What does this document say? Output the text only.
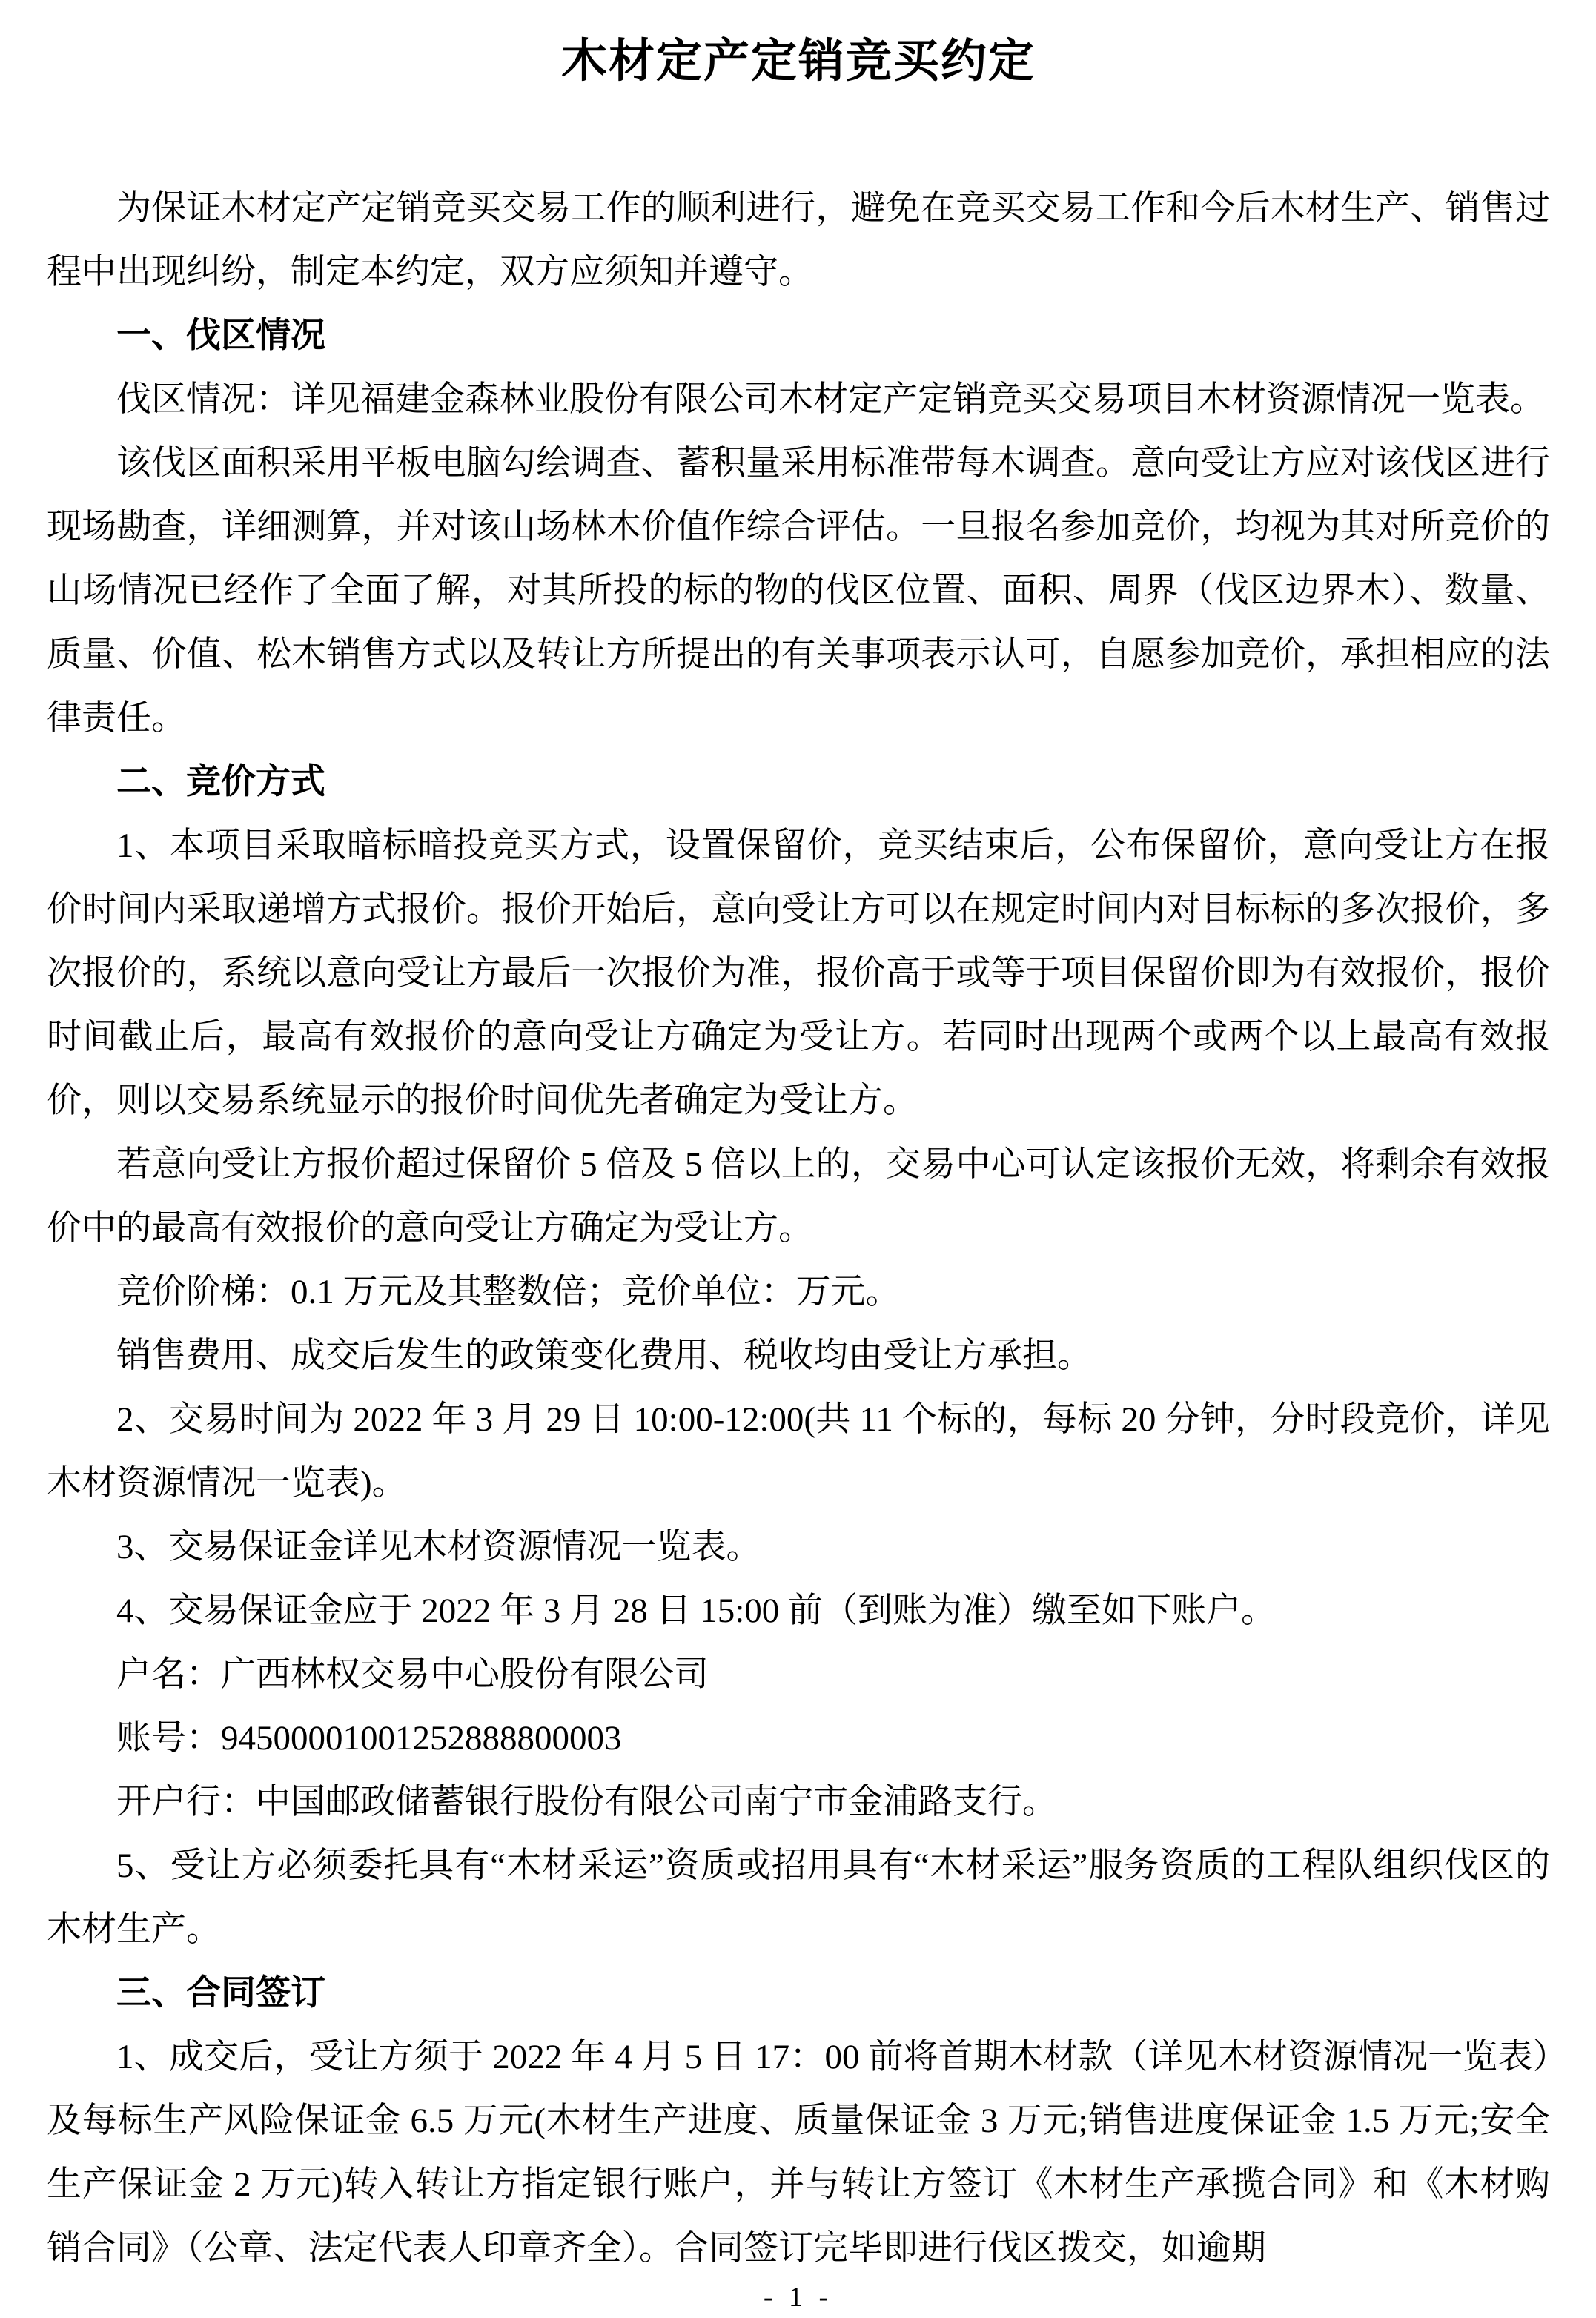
木材定产定销竞买约定

为保证木材定产定销竞买交易工作的顺利进行，避免在竞买交易工作和今后木材生产、销售过程中出现纠纷，制定本约定，双方应须知并遵守。

一、伐区情况

伐区情况：详见福建金森林业股份有限公司木材定产定销竞买交易项目木材资源情况一览表。

该伐区面积采用平板电脑勾绘调查、蓄积量采用标准带每木调查。意向受让方应对该伐区进行现场勘查，详细测算，并对该山场林木价值作综合评估。一旦报名参加竞价，均视为其对所竞价的山场情况已经作了全面了解，对其所投的标的物的伐区位置、面积、周界（伐区边界木）、数量、质量、价值、松木销售方式以及转让方所提出的有关事项表示认可，自愿参加竞价，承担相应的法律责任。

二、竞价方式

1、本项目采取暗标暗投竞买方式，设置保留价，竞买结束后，公布保留价，意向受让方在报价时间内采取递增方式报价。报价开始后，意向受让方可以在规定时间内对目标标的多次报价，多次报价的，系统以意向受让方最后一次报价为准，报价高于或等于项目保留价即为有效报价，报价时间截止后，最高有效报价的意向受让方确定为受让方。若同时出现两个或两个以上最高有效报价，则以交易系统显示的报价时间优先者确定为受让方。

若意向受让方报价超过保留价 5 倍及 5 倍以上的，交易中心可认定该报价无效，将剩余有效报价中的最高有效报价的意向受让方确定为受让方。

竞价阶梯：0.1 万元及其整数倍；竞价单位：万元。

销售费用、成交后发生的政策变化费用、税收均由受让方承担。

2、交易时间为 2022 年 3 月 29 日 10:00-12:00(共 11 个标的，每标 20 分钟，分时段竞价，详见木材资源情况一览表)。

3、交易保证金详见木材资源情况一览表。

4、交易保证金应于 2022 年 3 月 28 日 15:00 前（到账为准）缴至如下账户。

户名：广西林权交易中心股份有限公司

账号：94500001001252888800003

开户行：中国邮政储蓄银行股份有限公司南宁市金浦路支行。

5、受让方必须委托具有“木材采运”资质或招用具有“木材采运”服务资质的工程队组织伐区的木材生产。

三、合同签订

1、成交后，受让方须于 2022 年 4 月 5 日 17：00 前将首期木材款（详见木材资源情况一览表）及每标生产风险保证金 6.5 万元(木材生产进度、质量保证金 3 万元;销售进度保证金 1.5 万元;安全生产保证金 2 万元)转入转让方指定银行账户，并与转让方签订《木材生产承揽合同》和《木材购销合同》（公章、法定代表人印章齐全）。合同签订完毕即进行伐区拨交，如逾期

- 1 -
